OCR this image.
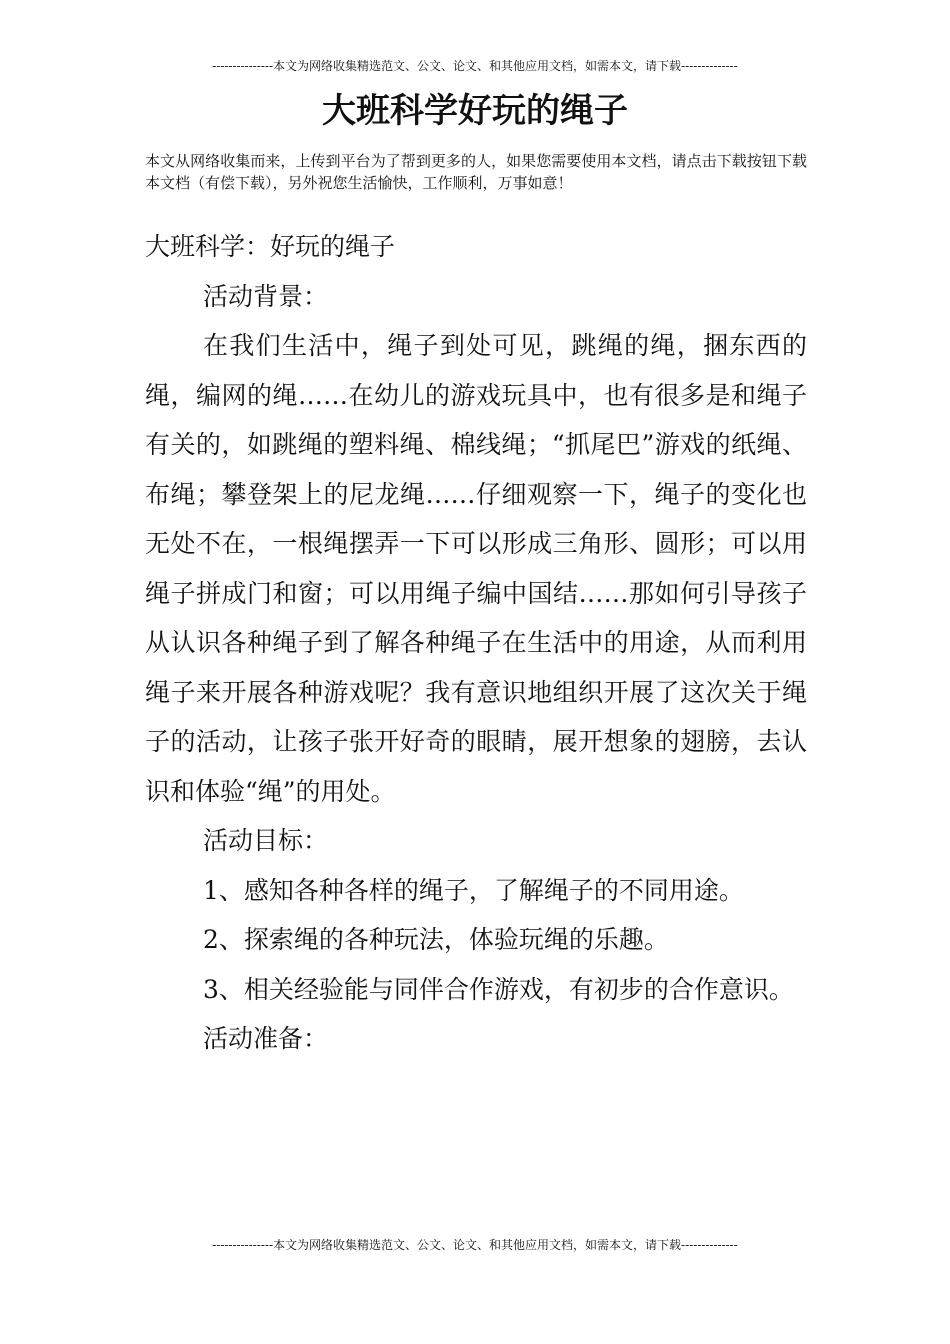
---------------本文为网络收集精选范文、公文、论文、和其他应用文档，如需本文，请下载--------------
大班科学好玩的绳子
本文从网络收集而来，上传到平台为了帮到更多的人，如果您需要使用本文档，请点击下载按钮下载本文档（有偿下载），另外祝您生活愉快，工作顺利，万事如意！

大班科学：好玩的绳子

活动背景：

在我们生活中，绳子到处可见，跳绳的绳，捆东西的绳，编网的绳……在幼儿的游戏玩具中，也有很多是和绳子有关的，如跳绳的塑料绳、棉线绳；“抓尾巴”游戏的纸绳、布绳；攀登架上的尼龙绳……仔细观察一下，绳子的变化也无处不在，一根绳摆弄一下可以形成三角形、圆形；可以用绳子拼成门和窗；可以用绳子编中国结……那如何引导孩子从认识各种绳子到了解各种绳子在生活中的用途，从而利用绳子来开展各种游戏呢？我有意识地组织开展了这次关于绳子的活动，让孩子张开好奇的眼睛，展开想象的翅膀，去认识和体验“绳”的用处。

活动目标：

1、感知各种各样的绳子，了解绳子的不同用途。

2、探索绳的各种玩法，体验玩绳的乐趣。

3、相关经验能与同伴合作游戏，有初步的合作意识。

活动准备：

---------------本文为网络收集精选范文、公文、论文、和其他应用文档，如需本文，请下载--------------
